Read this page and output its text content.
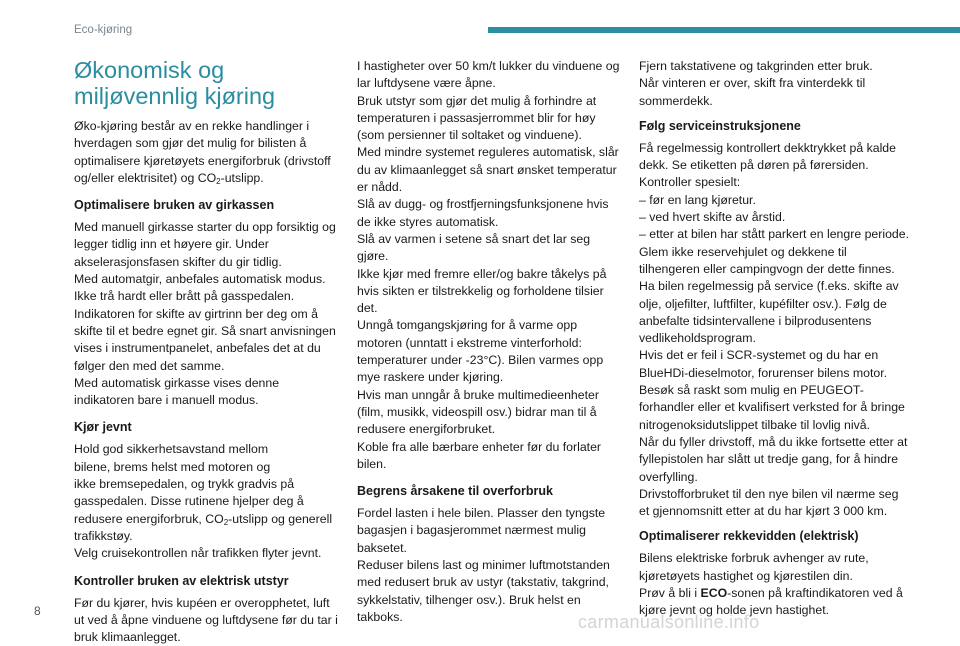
Eco-kjøring
Økonomisk og miljøvennlig kjøring

Øko-kjøring består av en rekke handlinger i hverdagen som gjør det mulig for bilisten å optimalisere kjøretøyets energiforbruk (drivstoff og/eller elektrisitet) og $CO_2$-utslipp.

Optimalisere bruken av girkassen

Med manuell girkasse starter du opp forsiktig og legger tidlig inn et høyere gir. Under akselerasjonsfasen skifter du gir tidlig.
Med automatgir, anbefales automatisk modus.
Ikke trå hardt eller brått på gasspedalen.
Indikatoren for skifte av girtrinn ber deg om å skifte til et bedre egnet gir. Så snart anvisningen vises i instrumentpanelet, anbefales det at du følger den med det samme.
Med automatisk girkasse vises denne indikatoren bare i manuell modus.

Kjør jevnt

Hold god sikkerhetsavstand mellom
bilene, brems helst med motoren og
ikke bremsepedalen, og trykk gradvis på gasspedalen. Disse rutinene hjelper deg å redusere energiforbruk, $CO_2$-utslipp og generell trafikkstøy.
Velg cruisekontrollen når trafikken flyter jevnt.

Kontroller bruken av elektrisk utstyr

Før du kjører, hvis kupéen er overopphetet, luft ut ved å åpne vinduene og luftdysene før du tar i bruk klimaanlegget.

I hastigheter over 50 km/t lukker du vinduene og lar luftdysene være åpne.
Bruk utstyr som gjør det mulig å forhindre at temperaturen i passasjerrommet blir for høy (som persienner til soltaket og vinduene).
Med mindre systemet reguleres automatisk, slår du av klimaanlegget så snart ønsket temperatur er nådd.
Slå av dugg- og frostfjerningsfunksjonene hvis de ikke styres automatisk.
Slå av varmen i setene så snart det lar seg gjøre.
Ikke kjør med fremre eller/og bakre tåkelys på hvis sikten er tilstrekkelig og forholdene tilsier det.
Unngå tomgangskjøring for å varme opp motoren (unntatt i ekstreme vinterforhold: temperaturer under -23°C). Bilen varmes opp mye raskere under kjøring.
Hvis man unngår å bruke multimedieenheter (film, musikk, videospill osv.) bidrar man til å redusere energiforbruket.
Koble fra alle bærbare enheter før du forlater bilen.

Begrens årsakene til overforbruk

Fordel lasten i hele bilen. Plasser den tyngste bagasjen i bagasjerommet nærmest mulig baksetet.
Reduser bilens last og minimer luftmotstanden med redusert bruk av ustyr (takstativ, takgrind, sykkelstativ, tilhenger osv.). Bruk helst en takboks.

Fjern takstativene og takgrinden etter bruk.
Når vinteren er over, skift fra vinterdekk til sommerdekk.

Følg serviceinstruksjonene

Få regelmessig kontrollert dekktrykket på kalde dekk. Se etiketten på døren på førersiden.
Kontroller spesielt:
– før en lang kjøretur.
– ved hvert skifte av årstid.
– etter at bilen har stått parkert en lengre periode.
Glem ikke reservehjulet og dekkene til tilhengeren eller campingvogn der dette finnes.
Ha bilen regelmessig på service (f.eks. skifte av olje, oljefilter, luftfilter, kupéfilter osv.). Følg de anbefalte tidsintervallene i bilprodusentens vedlikeholdsprogram.
Hvis det er feil i SCR-systemet og du har en BlueHDi-dieselmotor, forurenser bilens motor. Besøk så raskt som mulig en PEUGEOT-forhandler eller et kvalifisert verksted for å bringe nitrogenoksidutslippet tilbake til lovlig nivå.
Når du fyller drivstoff, må du ikke fortsette etter at fyllepistolen har slått ut tredje gang, for å hindre overfylling.
Drivstofforbruket til den nye bilen vil nærme seg et gjennomsnitt etter at du har kjørt 3 000 km.

Optimaliserer rekkevidden (elektrisk)

Bilens elektriske forbruk avhenger av rute, kjøretøyets hastighet og kjørestilen din.
Prøv å bli i ECO-sonen på kraftindikatoren ved å kjøre jevnt og holde jevn hastighet.

8
carmanualsonline.info
